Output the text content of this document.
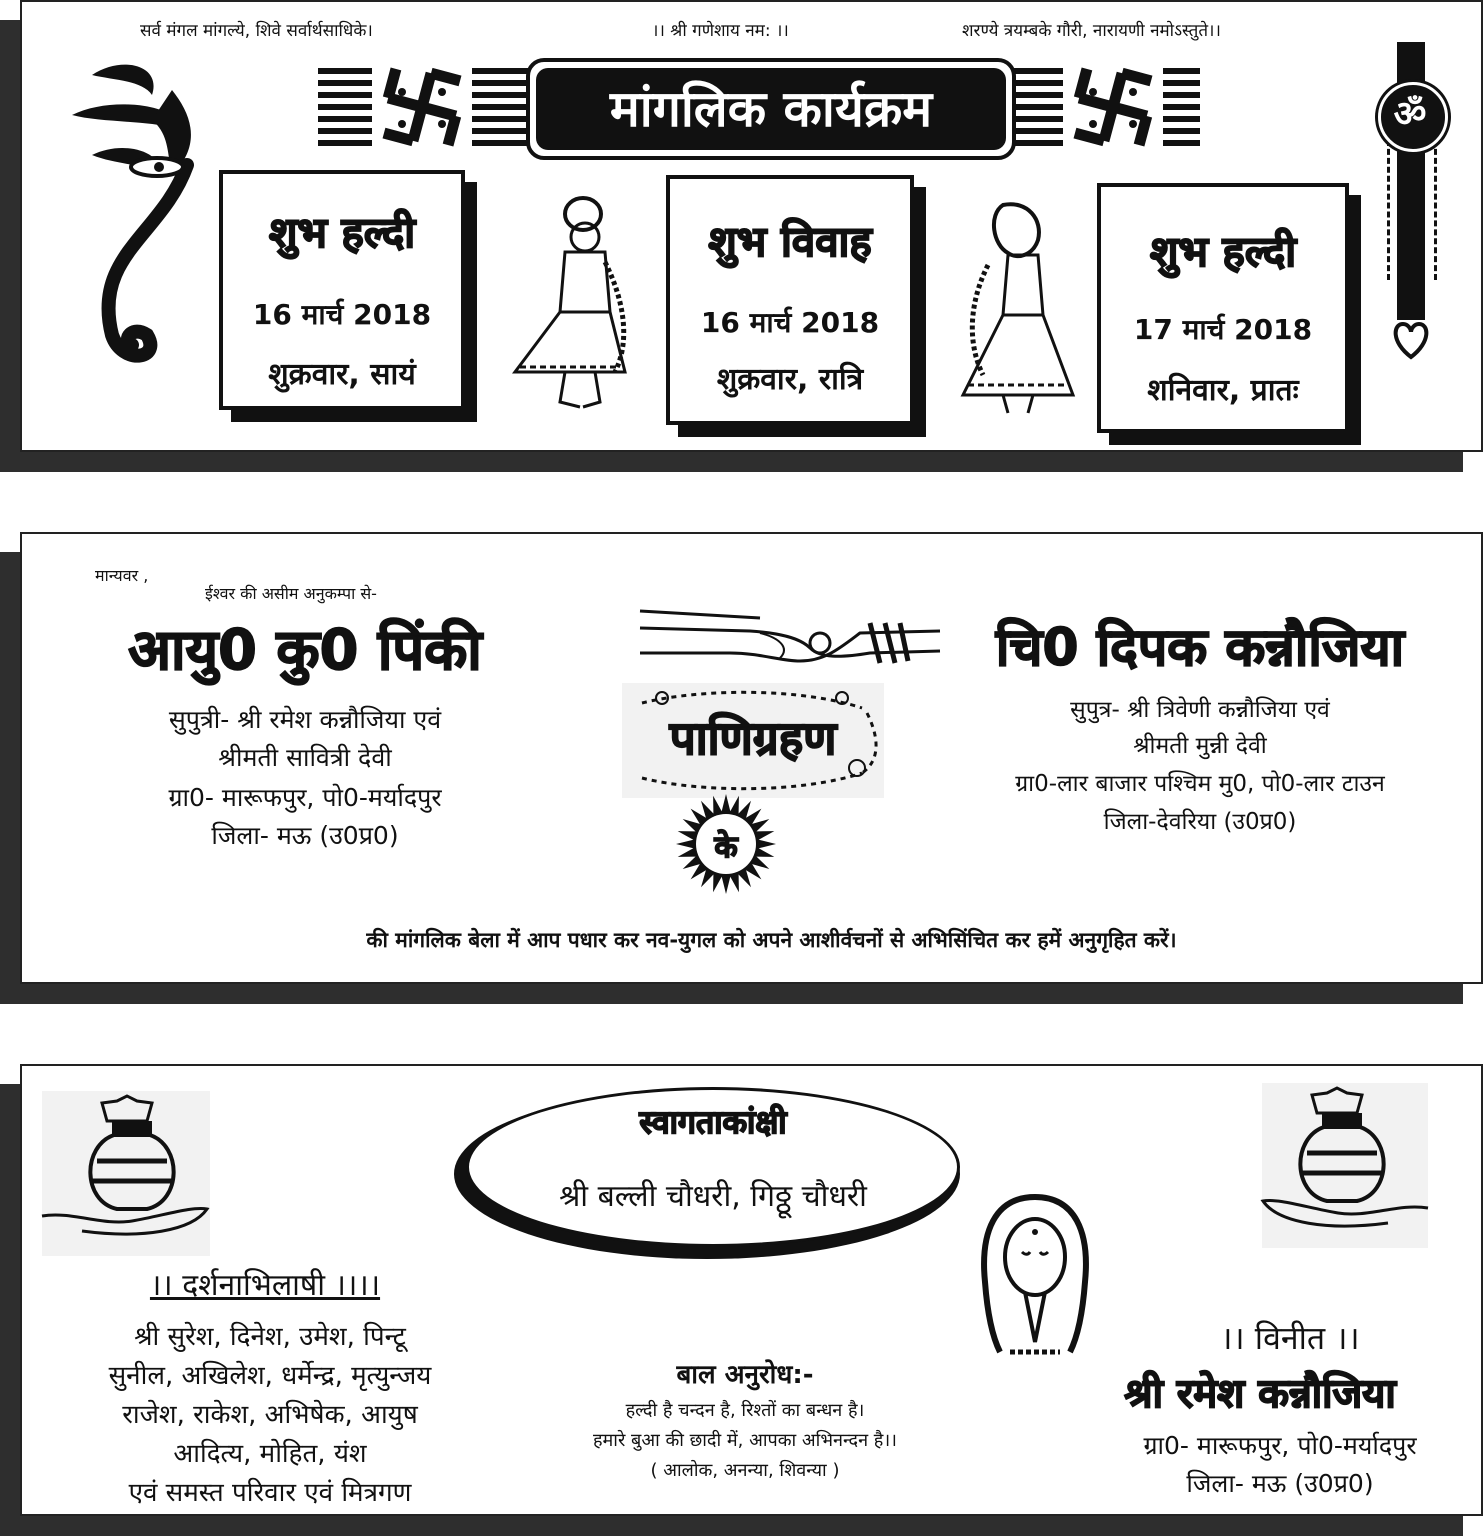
सर्व मंगल मांगल्ये, शिवे सर्वार्थसाधिके।	।। श्री गणेशाय नम: ।।	शरण्ये त्रयम्बके गौरी, नारायणी नमोऽस्तुते।।
मांगलिक कार्यक्रम	ॐ
शुभ हल्दी
16 मार्च 2018
शुक्रवार, सायं
शुभ विवाह
16 मार्च 2018
शुक्रवार, रात्रि
शुभ हल्दी
17 मार्च 2018
शनिवार, प्रातः
मान्यवर ,
ईश्वर की असीम अनुकम्पा से-
आयु0 कु0 पिंकी
सुपुत्री- श्री रमेश कन्नौजिया एवं
श्रीमती सावित्री देवी
ग्रा0- मारूफपुर, पो0-मर्यादपुर
जिला- मऊ (उ0प्र0)
चि0 दिपक कन्नौजिया
सुपुत्र- श्री त्रिवेणी कन्नौजिया एवं
श्रीमती मुन्नी देवी
ग्रा0-लार बाजार पश्चिम मु0, पो0-लार टाउन
जिला-देवरिया (उ0प्र0)
पाणिग्रहण
के
की मांगलिक बेला में आप पधार कर नव-युगल को अपने आशीर्वचनों से अभिसिंचित कर हमें अनुगृहित करें।
स्वागताकांक्षी
श्री बल्ली चौधरी, गिठ्ठू चौधरी
।। दर्शनाभिलाषी ।।।।
श्री सुरेश, दिनेश, उमेश, पिन्टू
सुनील, अखिलेश, धर्मेन्द्र, मृत्युन्जय
राजेश, राकेश, अभिषेक, आयुष
आदित्य, मोहित, यंश
एवं समस्त परिवार एवं मित्रगण
बाल अनुरोध:-
हल्दी है चन्दन है, रिश्तों का बन्धन है।
हमारे बुआ की छादी में, आपका अभिनन्दन है।।
( आलोक, अनन्या, शिवन्या )
।। विनीत ।।
श्री रमेश कन्नौजिया
ग्रा0- मारूफपुर, पो0-मर्यादपुर
जिला- मऊ (उ0प्र0)
